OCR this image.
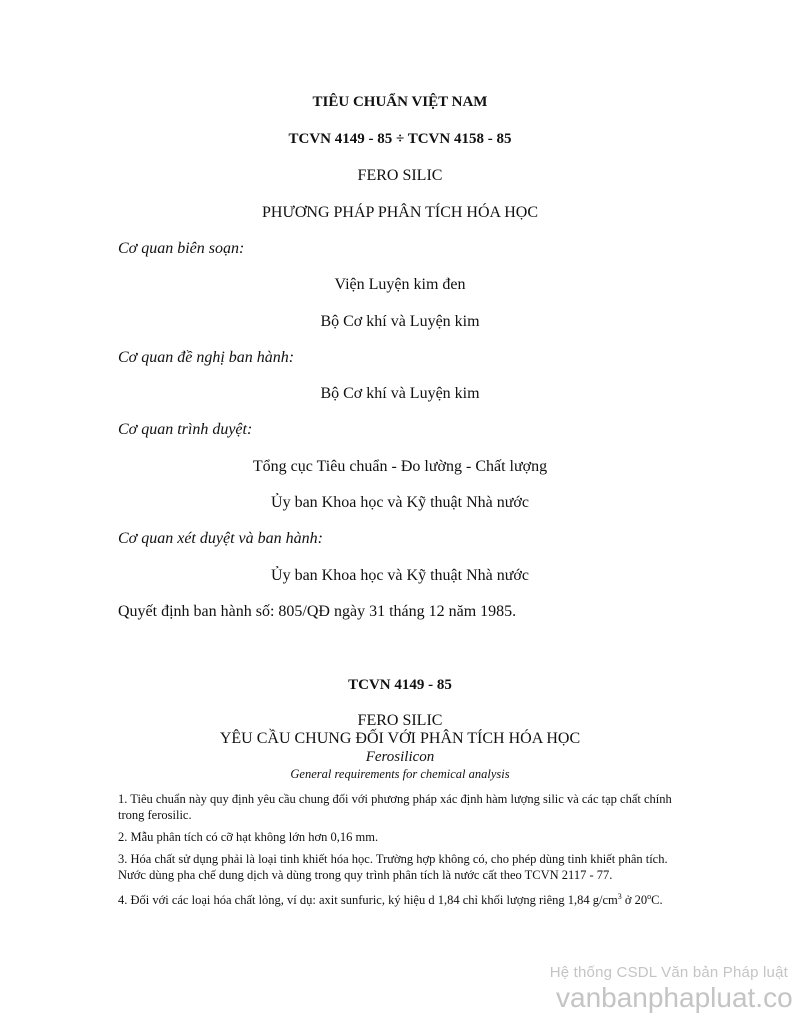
TIÊU CHUẨN VIỆT NAM
TCVN 4149 - 85 ÷ TCVN 4158 - 85
FERO SILIC
PHƯƠNG PHÁP PHÂN TÍCH HÓA HỌC
Cơ quan biên soạn:
Viện Luyện kim đen
Bộ Cơ khí và Luyện kim
Cơ quan đề nghị ban hành:
Bộ Cơ khí và Luyện kim
Cơ quan trình duyệt:
Tổng cục Tiêu chuẩn - Đo lường - Chất lượng
Ủy ban Khoa học và Kỹ thuật Nhà nước
Cơ quan xét duyệt và ban hành:
Ủy ban Khoa học và Kỹ thuật Nhà nước
Quyết định ban hành số: 805/QĐ ngày 31 tháng 12 năm 1985.
TCVN 4149 - 85
FERO SILIC
YÊU CẦU CHUNG ĐỐI VỚI PHÂN TÍCH HÓA HỌC
Ferosilicon
General requirements for chemical analysis
1. Tiêu chuẩn này quy định yêu cầu chung đối với phương pháp xác định hàm lượng silic và các tạp chất chính trong ferosilic.
2. Mẫu phân tích có cỡ hạt không lớn hơn 0,16 mm.
3. Hóa chất sử dụng phải là loại tinh khiết hóa học. Trường hợp không có, cho phép dùng tinh khiết phân tích. Nước dùng pha chế dung dịch và dùng trong quy trình phân tích là nước cất theo TCVN 2117 - 77.
4. Đối với các loại hóa chất lỏng, ví dụ: axit sunfuric, ký hiệu d 1,84 chỉ khối lượng riêng 1,84 $g/cm^3$ ở 20$^o$C.
Hệ thống CSDL Văn bản Pháp luật
vanbanphapluat.co
